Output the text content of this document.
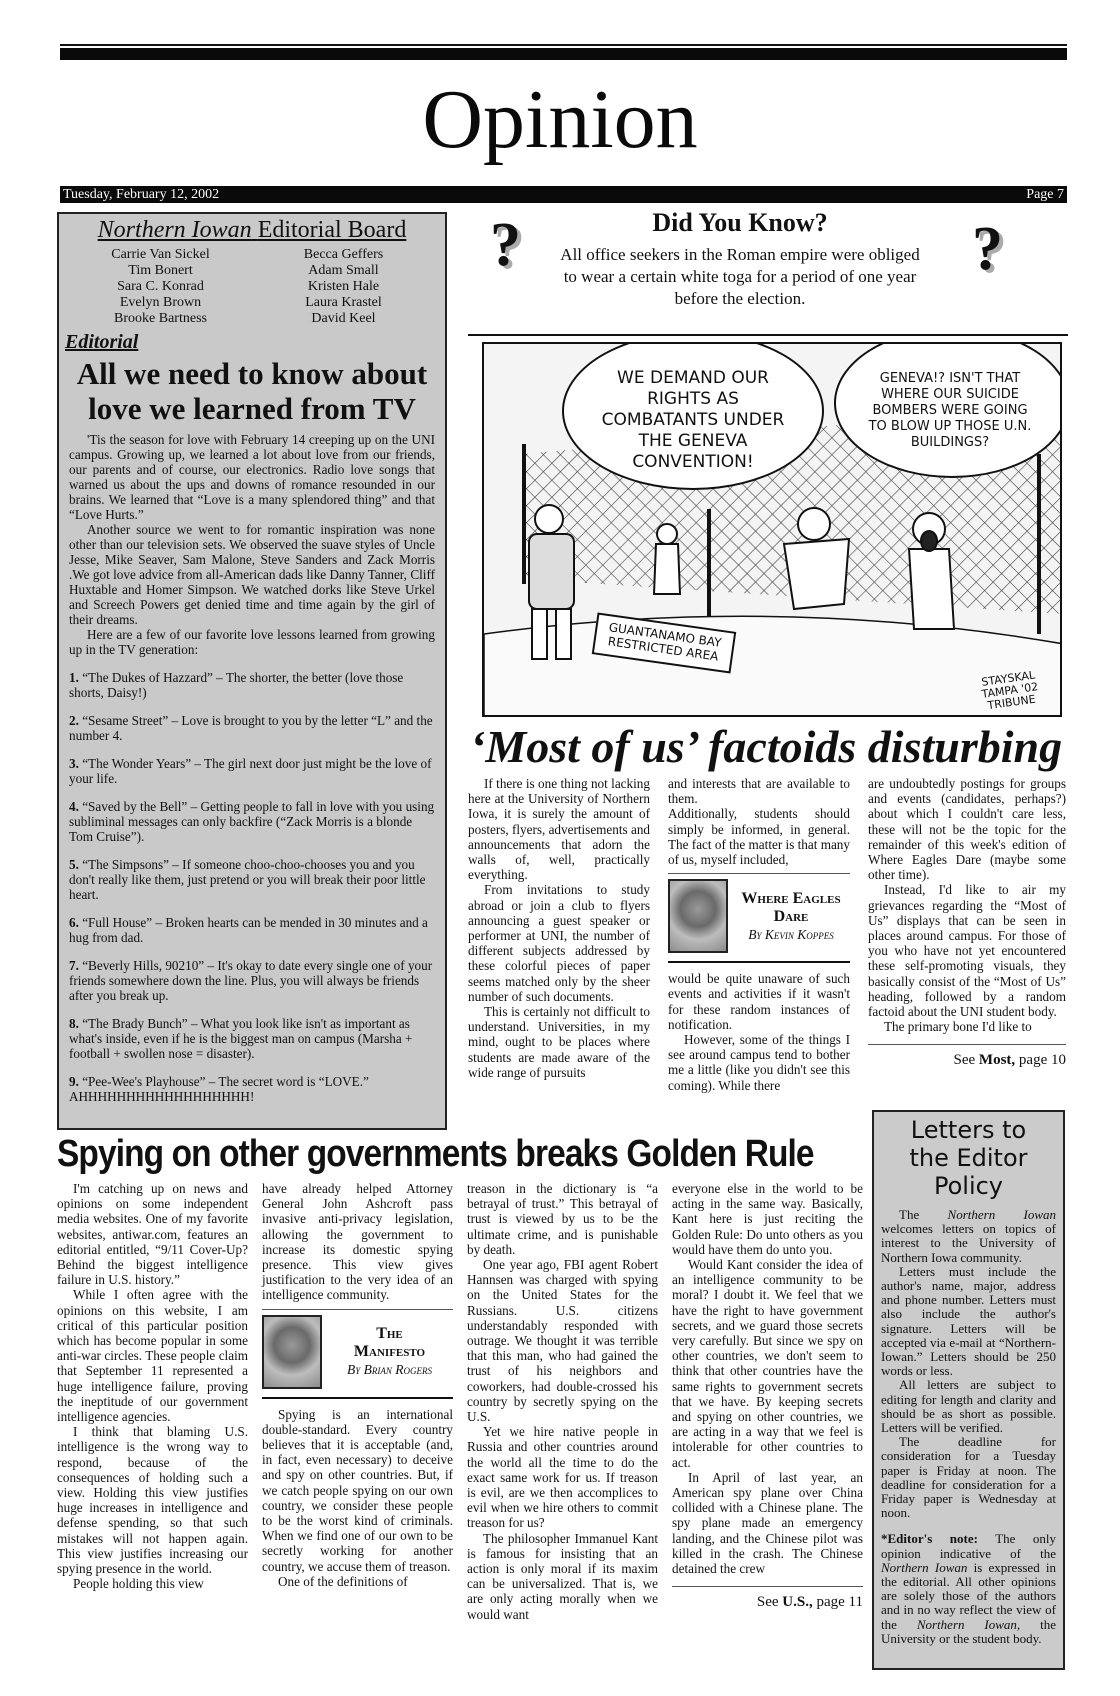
Opinion
Tuesday, February 12, 2002	Page 7
Northern Iowan Editorial Board
Carrie Van Sickel
Tim Bonert
Sara C. Konrad
Evelyn Brown
Brooke Bartness
Becca Geffers
Adam Small
Kristen Hale
Laura Krastel
David Keel
Editorial
All we need to know about
love we learned from TV

'Tis the season for love with February 14 creeping up on the UNI campus. Growing up, we learned a lot about love from our friends, our parents and of course, our electronics. Radio love songs that warned us about the ups and downs of romance resounded in our brains. We learned that “Love is a many splendored thing” and that “Love Hurts.”

Another source we went to for romantic inspiration was none other than our television sets. We observed the suave styles of Uncle Jesse, Mike Seaver, Sam Malone, Steve Sanders and Zack Morris .We got love advice from all-American dads like Danny Tanner, Cliff Huxtable and Homer Simpson. We watched dorks like Steve Urkel and Screech Powers get denied time and time again by the girl of their dreams.

Here are a few of our favorite love lessons learned from growing up in the TV generation:

1. “The Dukes of Hazzard” – The shorter, the better (love those shorts, Daisy!)
2. “Sesame Street” – Love is brought to you by the letter “L” and the number 4.
3. “The Wonder Years” – The girl next door just might be the love of your life.
4. “Saved by the Bell” – Getting people to fall in love with you using subliminal messages can only backfire (“Zack Morris is a blonde Tom Cruise”).
5. “The Simpsons” – If someone choo-choo-chooses you and you don't really like them, just pretend or you will break their poor little heart.
6. “Full House” – Broken hearts can be mended in 30 minutes and a hug from dad.
7. “Beverly Hills, 90210” – It's okay to date every single one of your friends somewhere down the line. Plus, you will always be friends after you break up.
8. “The Brady Bunch” – What you look like isn't as important as what's inside, even if he is the biggest man on campus (Marsha + football + swollen nose = disaster).
9. “Pee-Wee's Playhouse” – The secret word is “LOVE.” AHHHHHHHHHHHHHHHHHH!
?	?
Did You Know?
All office seekers in the Roman empire were obliged to wear a certain white toga for a period of one year before the election.
WE DEMAND OUR RIGHTS AS COMBATANTS UNDER THE GENEVA CONVENTION!
GENEVA!? ISN'T THAT WHERE OUR SUICIDE BOMBERS WERE GOING TO BLOW UP THOSE U.N. BUILDINGS?
GUANTANAMO BAY RESTRICTED AREA
STAYSKAL TAMPA '02 TRIBUNE
‘Most of us’ factoids disturbing

If there is one thing not lacking here at the University of Northern Iowa, it is surely the amount of posters, flyers, advertisements and announcements that adorn the walls of, well, practically everything.

From invitations to study abroad or join a club to flyers announcing a guest speaker or performer at UNI, the number of different subjects addressed by these colorful pieces of paper seems matched only by the sheer number of such documents.

This is certainly not difficult to understand. Universities, in my mind, ought to be places where students are made aware of the wide range of pursuits

and interests that are available to them.

Additionally, students should simply be informed, in general. The fact of the matter is that many of us, myself included,

Where Eagles Dare
By Kevin Koppes

would be quite unaware of such events and activities if it wasn't for these random instances of notification.

However, some of the things I see around campus tend to bother me a little (like you didn't see this coming). While there

are undoubtedly postings for groups and events (candidates, perhaps?) about which I couldn't care less, these will not be the topic for the remainder of this week's edition of Where Eagles Dare (maybe some other time).

Instead, I'd like to air my grievances regarding the “Most of Us” displays that can be seen in places around campus. For those of you who have not yet encountered these self-promoting visuals, they basically consist of the “Most of Us” heading, followed by a random factoid about the UNI student body.

The primary bone I'd like to

See Most, page 10
Spying on other governments breaks Golden Rule

I'm catching up on news and opinions on some independent media websites. One of my favorite websites, antiwar.com, features an editorial entitled, “9/11 Cover-Up? Behind the biggest intelligence failure in U.S. history.”

While I often agree with the opinions on this website, I am critical of this particular position which has become popular in some anti-war circles. These people claim that September 11 represented a huge intelligence failure, proving the ineptitude of our government intelligence agencies.

I think that blaming U.S. intelligence is the wrong way to respond, because of the consequences of holding such a view. Holding this view justifies huge increases in intelligence and defense spending, so that such mistakes will not happen again. This view justifies increasing our spying presence in the world.

People holding this view

have already helped Attorney General John Ashcroft pass invasive anti-privacy legislation, allowing the government to increase its domestic spying presence. This view gives justification to the very idea of an intelligence community.

The
Manifesto
By Brian Rogers

Spying is an international double-standard. Every country believes that it is acceptable (and, in fact, even necessary) to deceive and spy on other countries. But, if we catch people spying on our own country, we consider these people to be the worst kind of criminals. When we find one of our own to be secretly working for another country, we accuse them of treason.

One of the definitions of

treason in the dictionary is “a betrayal of trust.” This betrayal of trust is viewed by us to be the ultimate crime, and is punishable by death.

One year ago, FBI agent Robert Hannsen was charged with spying on the United States for the Russians. U.S. citizens understandably responded with outrage. We thought it was terrible that this man, who had gained the trust of his neighbors and coworkers, had double-crossed his country by secretly spying on the U.S.

Yet we hire native people in Russia and other countries around the world all the time to do the exact same work for us. If treason is evil, are we then accomplices to evil when we hire others to commit treason for us?

The philosopher Immanuel Kant is famous for insisting that an action is only moral if its maxim can be universalized. That is, we are only acting morally when we would want

everyone else in the world to be acting in the same way. Basically, Kant here is just reciting the Golden Rule: Do unto others as you would have them do unto you.

Would Kant consider the idea of an intelligence community to be moral? I doubt it. We feel that we have the right to have government secrets, and we guard those secrets very carefully. But since we spy on other countries, we don't seem to think that other countries have the same rights to government secrets that we have. By keeping secrets and spying on other countries, we are acting in a way that we feel is intolerable for other countries to act.

In April of last year, an American spy plane over China collided with a Chinese plane. The spy plane made an emergency landing, and the Chinese pilot was killed in the crash. The Chinese detained the crew

See U.S., page 11
Letters to
the Editor
Policy

The Northern Iowan welcomes letters on topics of interest to the University of Northern Iowa community.

Letters must include the author's name, major, address and phone number. Letters must also include the author's signature. Letters will be accepted via e-mail at “Northern-Iowan.” Letters should be 250 words or less.

All letters are subject to editing for length and clarity and should be as short as possible. Letters will be verified.

The deadline for consideration for a Tuesday paper is Friday at noon. The deadline for consideration for a Friday paper is Wednesday at noon.

*Editor's note: The only opinion indicative of the Northern Iowan is expressed in the editorial. All other opinions are solely those of the authors and in no way reflect the view of the Northern Iowan, the University or the student body.
